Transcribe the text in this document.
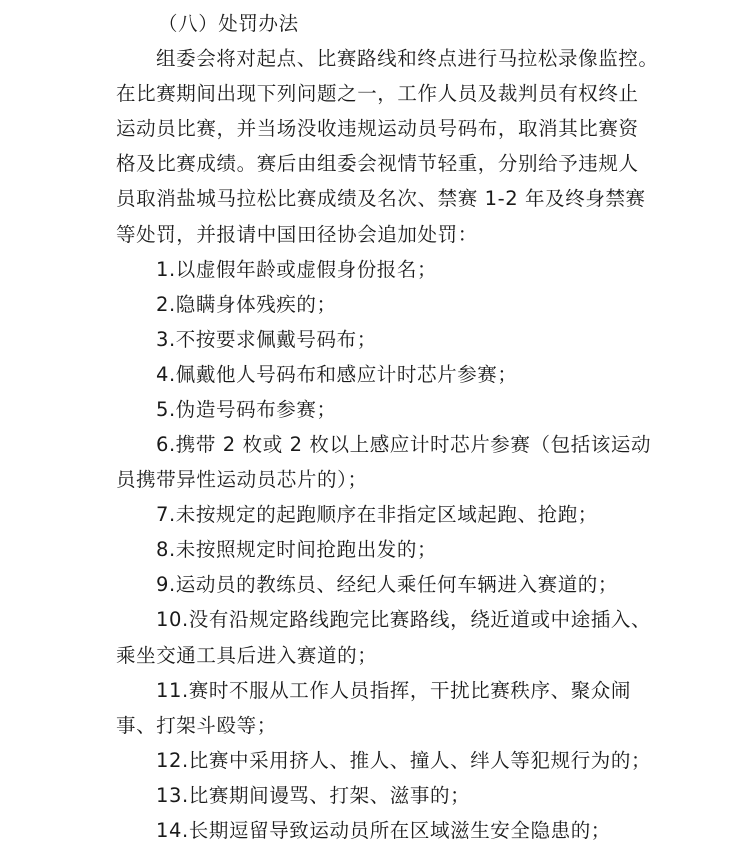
（八）处罚办法
组委会将对起点、比赛路线和终点进行马拉松录像监控。
在比赛期间出现下列问题之一，工作人员及裁判员有权终止
运动员比赛，并当场没收违规运动员号码布，取消其比赛资
格及比赛成绩。赛后由组委会视情节轻重，分别给予违规人
员取消盐城马拉松比赛成绩及名次、禁赛 1-2 年及终身禁赛
等处罚，并报请中国田径协会追加处罚：
1.以虚假年龄或虚假身份报名；
2.隐瞒身体残疾的；
3.不按要求佩戴号码布；
4.佩戴他人号码布和感应计时芯片参赛；
5.伪造号码布参赛；
6.携带 2 枚或 2 枚以上感应计时芯片参赛（包括该运动
员携带异性运动员芯片的）；
7.未按规定的起跑顺序在非指定区域起跑、抢跑；
8.未按照规定时间抢跑出发的；
9.运动员的教练员、经纪人乘任何车辆进入赛道的；
10.没有沿规定路线跑完比赛路线，绕近道或中途插入、
乘坐交通工具后进入赛道的；
11.赛时不服从工作人员指挥，干扰比赛秩序、聚众闹
事、打架斗殴等；
12.比赛中采用挤人、推人、撞人、绊人等犯规行为的；
13.比赛期间谩骂、打架、滋事的；
14.长期逗留导致运动员所在区域滋生安全隐患的；
